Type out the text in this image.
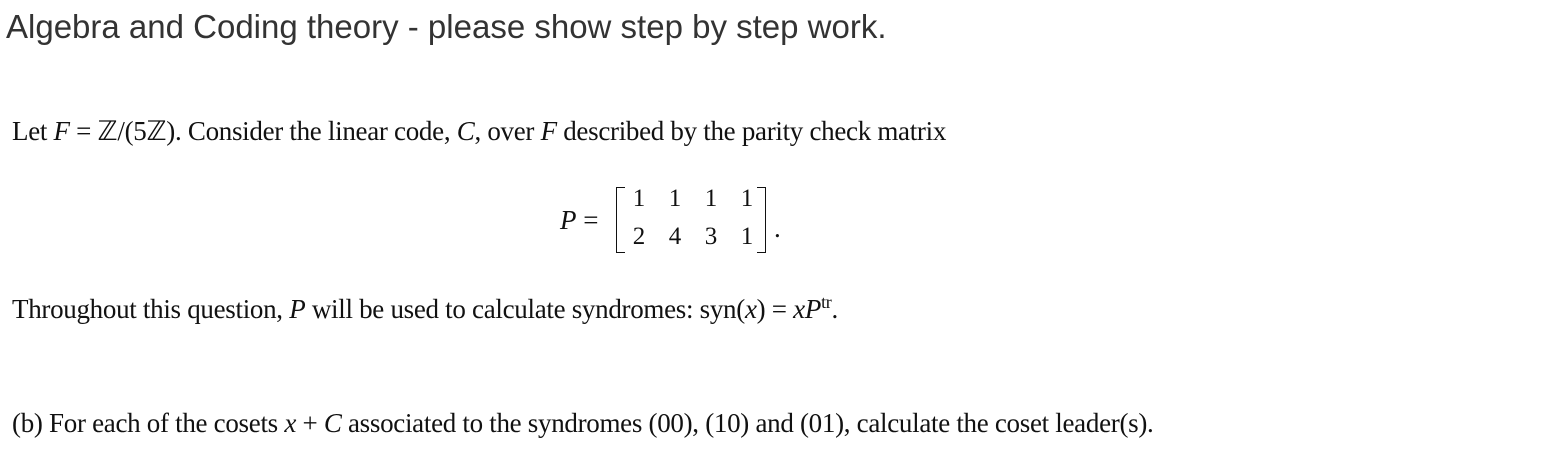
Algebra and Coding theory - please show step by step work.
Let F = ℤ/(5ℤ). Consider the linear code, C, over F described by the parity check matrix
P =
1 1 1 1
2 4 3 1 .
Throughout this question, P will be used to calculate syndromes: $syn(x) = xP^{tr}$.
(b) For each of the cosets x + C associated to the syndromes (00), (10) and (01), calculate the coset leader(s).
